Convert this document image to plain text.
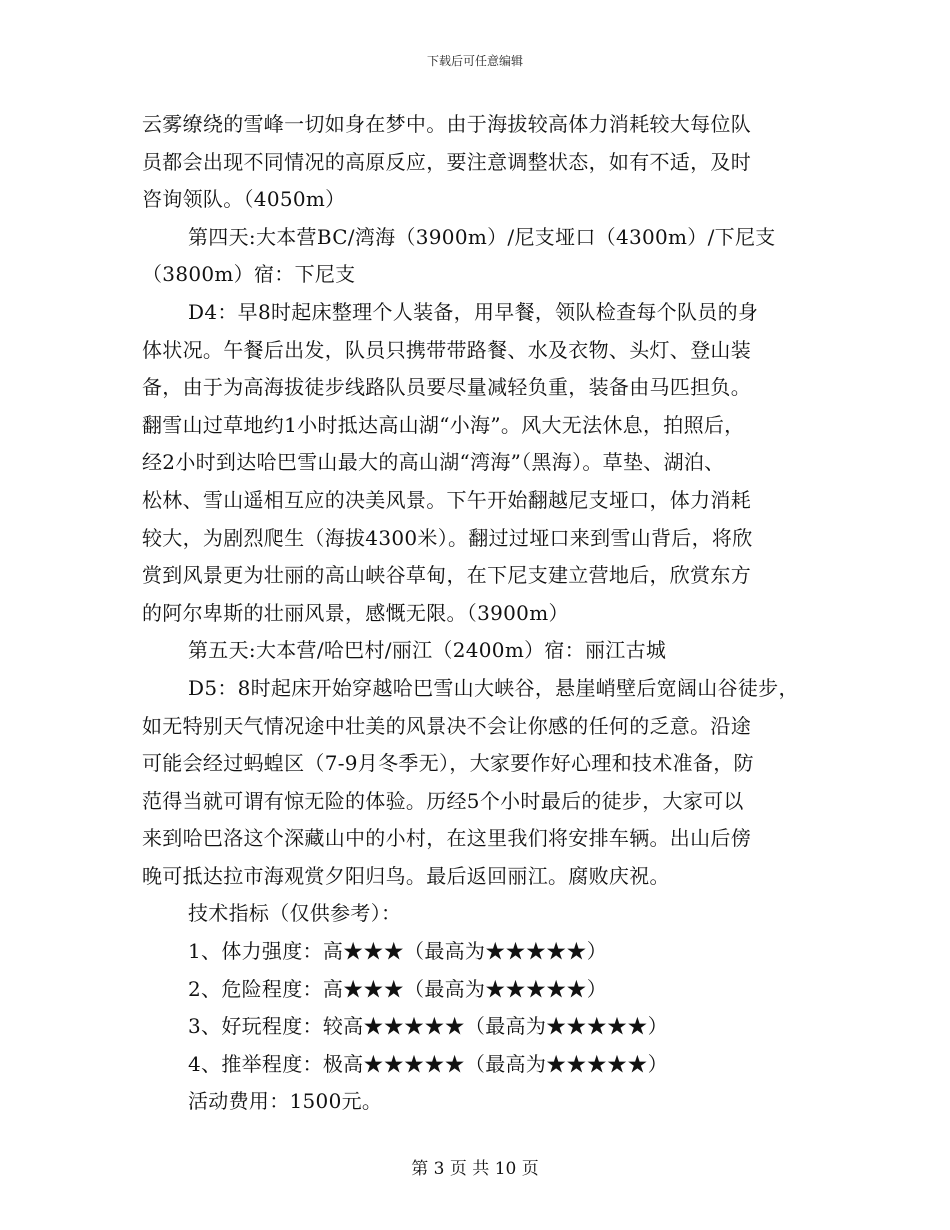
下载后可任意编辑
云雾缭绕的雪峰一切如身在梦中。由于海拔较高体力消耗较大每位队
员都会出现不同情况的高原反应，要注意调整状态，如有不适，及时
咨询领队。（4050m）
第四天:大本营BC/湾海（3900m）/尼支垭口（4300m）/下尼支
（3800m）宿：下尼支
D4：早8时起床整理个人装备，用早餐，领队检查每个队员的身
体状况。午餐后出发，队员只携带带路餐、水及衣物、头灯、登山装
备，由于为高海拔徒步线路队员要尽量减轻负重，装备由马匹担负。
翻雪山过草地约1小时抵达高山湖“小海”。风大无法休息，拍照后，
经2小时到达哈巴雪山最大的高山湖“湾海”（黑海）。草垫、湖泊、
松林、雪山遥相互应的决美风景。下午开始翻越尼支垭口，体力消耗
较大，为剧烈爬生（海拔4300米）。翻过过垭口来到雪山背后，将欣
赏到风景更为壮丽的高山峡谷草甸，在下尼支建立营地后，欣赏东方
的阿尔卑斯的壮丽风景，感慨无限。（3900m）
第五天:大本营/哈巴村/丽江（2400m）宿：丽江古城
D5：8时起床开始穿越哈巴雪山大峡谷，悬崖峭壁后宽阔山谷徒步，
如无特别天气情况途中壮美的风景决不会让你感的任何的乏意。沿途
可能会经过蚂蝗区（7-9月冬季无），大家要作好心理和技术准备，防
范得当就可谓有惊无险的体验。历经5个小时最后的徒步，大家可以
来到哈巴洛这个深藏山中的小村，在这里我们将安排车辆。出山后傍
晚可抵达拉市海观赏夕阳归鸟。最后返回丽江。腐败庆祝。
技术指标（仅供参考）：
1、体力强度：高★★★（最高为★★★★★）
2、危险程度：高★★★（最高为★★★★★）
3、好玩程度：较高★★★★★（最高为★★★★★）
4、推举程度：极高★★★★★（最高为★★★★★）
活动费用：1500元。
第 3 页 共 10 页
